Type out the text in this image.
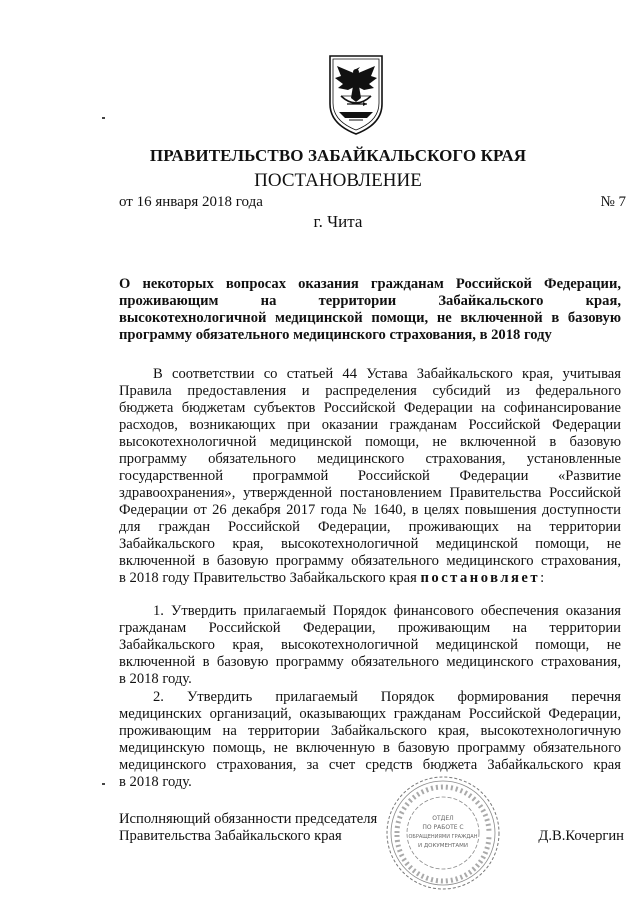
ПРАВИТЕЛЬСТВО ЗАБАЙКАЛЬСКОГО КРАЯ
ПОСТАНОВЛЕНИЕ
от 16 января 2018 года	№ 7
г. Чита
О некоторых вопросах оказания гражданам Российской Федерации,
проживающим на территории Забайкальского края,
высокотехнологичной медицинской помощи, не включенной в базовую
программу обязательного медицинского страхования, в 2018 году
В соответствии со статьей 44 Устава Забайкальского края, учитывая
Правила предоставления и распределения субсидий из федерального
бюджета бюджетам субъектов Российской Федерации на софинансирование
расходов, возникающих при оказании гражданам Российской Федерации
высокотехнологичной медицинской помощи, не включенной в базовую
программу обязательного медицинского страхования, установленные
государственной программой Российской Федерации «Развитие
здравоохранения», утвержденной постановлением Правительства Российской
Федерации от 26 декабря 2017 года № 1640, в целях повышения доступности
для граждан Российской Федерации, проживающих на территории
Забайкальского края, высокотехнологичной медицинской помощи, не
включенной в базовую программу обязательного медицинского страхования,
в 2018 году Правительство Забайкальского края постановляет:
1. Утвердить прилагаемый Порядок финансового обеспечения оказания
гражданам Российской Федерации, проживающим на территории
Забайкальского края, высокотехнологичной медицинской помощи, не
включенной в базовую программу обязательного медицинского страхования,
в 2018 году.
2. Утвердить прилагаемый Порядок формирования перечня
медицинских организаций, оказывающих гражданам Российской Федерации,
проживающим на территории Забайкальского края, высокотехнологичную
медицинскую помощь, не включенную в базовую программу обязательного
медицинского страхования, за счет средств бюджета Забайкальского края
в 2018 году.
Исполняющий обязанности председателя
Правительства Забайкальского края	Д.В.Кочергин
ОТДЕЛ
ПО РАБОТЕ С
ОБРАЩЕНИЯМИ ГРАЖДАН
И ДОКУМЕНТАМИ
